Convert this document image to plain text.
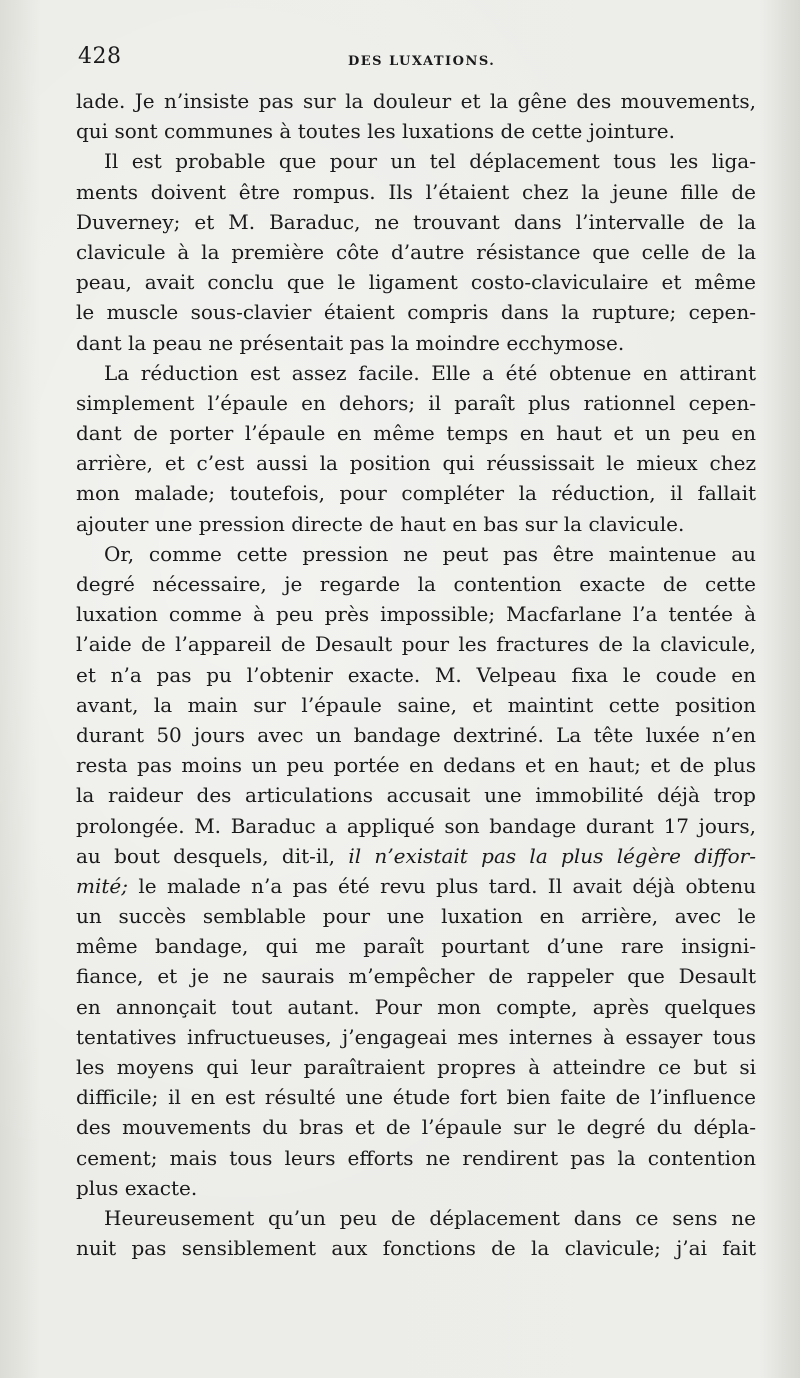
428	DES LUXATIONS.
lade. Je n’insiste pas sur la douleur et la gêne des mouvements,
qui sont communes à toutes les luxations de cette jointure.
Il est probable que pour un tel déplacement tous les liga-
ments doivent être rompus. Ils l’étaient chez la jeune fille de
Duverney; et M. Baraduc, ne trouvant dans l’intervalle de la
clavicule à la première côte d’autre résistance que celle de la
peau, avait conclu que le ligament costo-claviculaire et même
le muscle sous-clavier étaient compris dans la rupture; cepen-
dant la peau ne présentait pas la moindre ecchymose.
La réduction est assez facile. Elle a été obtenue en attirant
simplement l’épaule en dehors; il paraît plus rationnel cepen-
dant de porter l’épaule en même temps en haut et un peu en
arrière, et c’est aussi la position qui réussissait le mieux chez
mon malade; toutefois, pour compléter la réduction, il fallait
ajouter une pression directe de haut en bas sur la clavicule.
Or, comme cette pression ne peut pas être maintenue au
degré nécessaire, je regarde la contention exacte de cette
luxation comme à peu près impossible; Macfarlane l’a tentée à
l’aide de l’appareil de Desault pour les fractures de la clavicule,
et n’a pas pu l’obtenir exacte. M. Velpeau fixa le coude en
avant, la main sur l’épaule saine, et maintint cette position
durant 50 jours avec un bandage dextriné. La tête luxée n’en
resta pas moins un peu portée en dedans et en haut; et de plus
la raideur des articulations accusait une immobilité déjà trop
prolongée. M. Baraduc a appliqué son bandage durant 17 jours,
au bout desquels, dit-il, il n’existait pas la plus légère diffor-
mité; le malade n’a pas été revu plus tard. Il avait déjà obtenu
un succès semblable pour une luxation en arrière, avec le
même bandage, qui me paraît pourtant d’une rare insigni-
fiance, et je ne saurais m’empêcher de rappeler que Desault
en annonçait tout autant. Pour mon compte, après quelques
tentatives infructueuses, j’engageai mes internes à essayer tous
les moyens qui leur paraîtraient propres à atteindre ce but si
difficile; il en est résulté une étude fort bien faite de l’influence
des mouvements du bras et de l’épaule sur le degré du dépla-
cement; mais tous leurs efforts ne rendirent pas la contention
plus exacte.
Heureusement qu’un peu de déplacement dans ce sens ne
nuit pas sensiblement aux fonctions de la clavicule; j’ai fait
